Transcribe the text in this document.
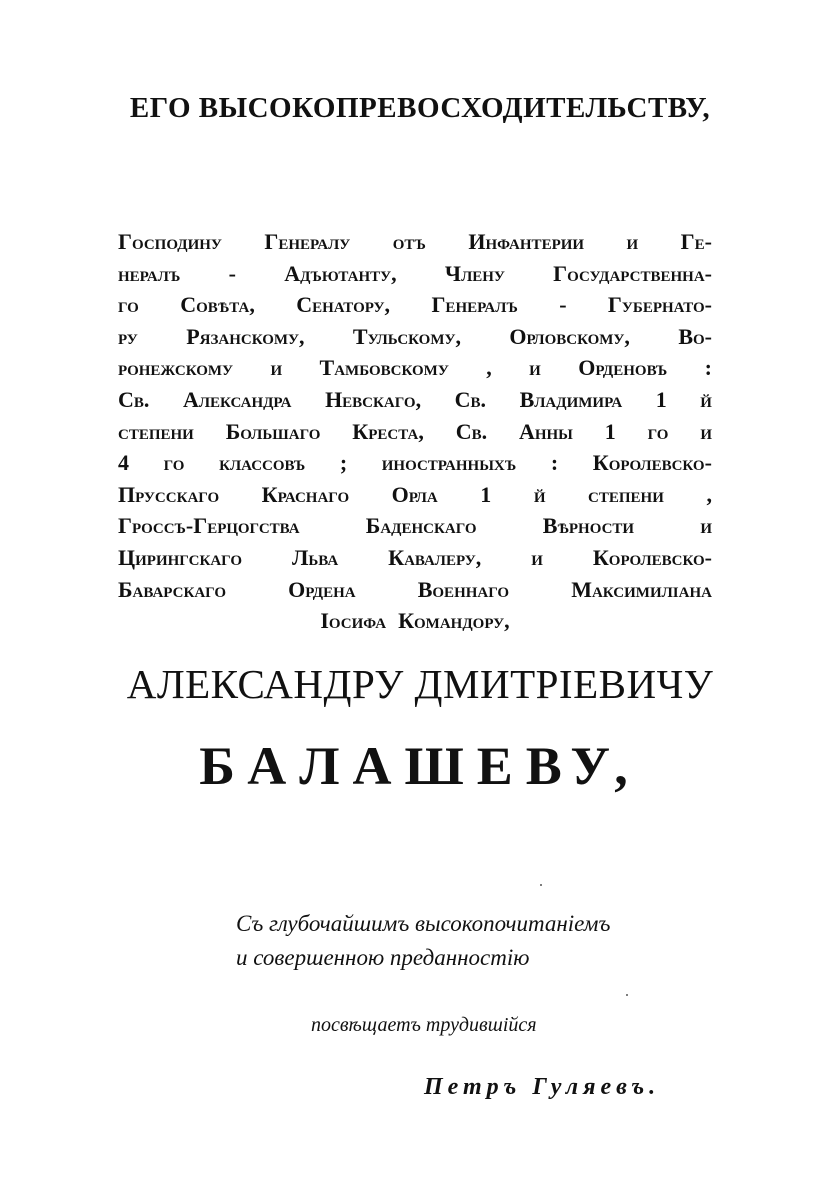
ЕГО ВЫСОКОПРЕВОСХОДИТЕЛЬСТВУ,
Господину Генералу отъ Инфантерии и Ге-
нералъ - Адъютанту, Члену Государственна-
го Совѣта, Сенатору, Генералъ - Губернато-
ру Рязанскому, Тульскому, Орловскому, Во-
ронежскому и Тамбовскому , и Орденовъ :
Св. Александра Невскаго, Св. Владимира 1 й
степени Большаго Креста, Св. Анны 1 го и
4 го классовъ ; иностранныхъ : Королевско-
Прусскаго Краснаго Орла 1 й степени ,
Гроссъ-Герцогства	Баденскаго	Вѣрности	и
Цирингскаго Льва Кавалеру, и Королевско-
Баварскаго	Ордена	Военнаго	Максимиліана
Іосифа Командору,
АЛЕКСАНДРУ ДМИТРІЕВИЧУ
БАЛАШЕВУ,
Съ глубочайшимъ высокопочитаніемъ
и совершенною преданностію
посвѣщаетъ трудившійся
Петръ Гуляевъ.
